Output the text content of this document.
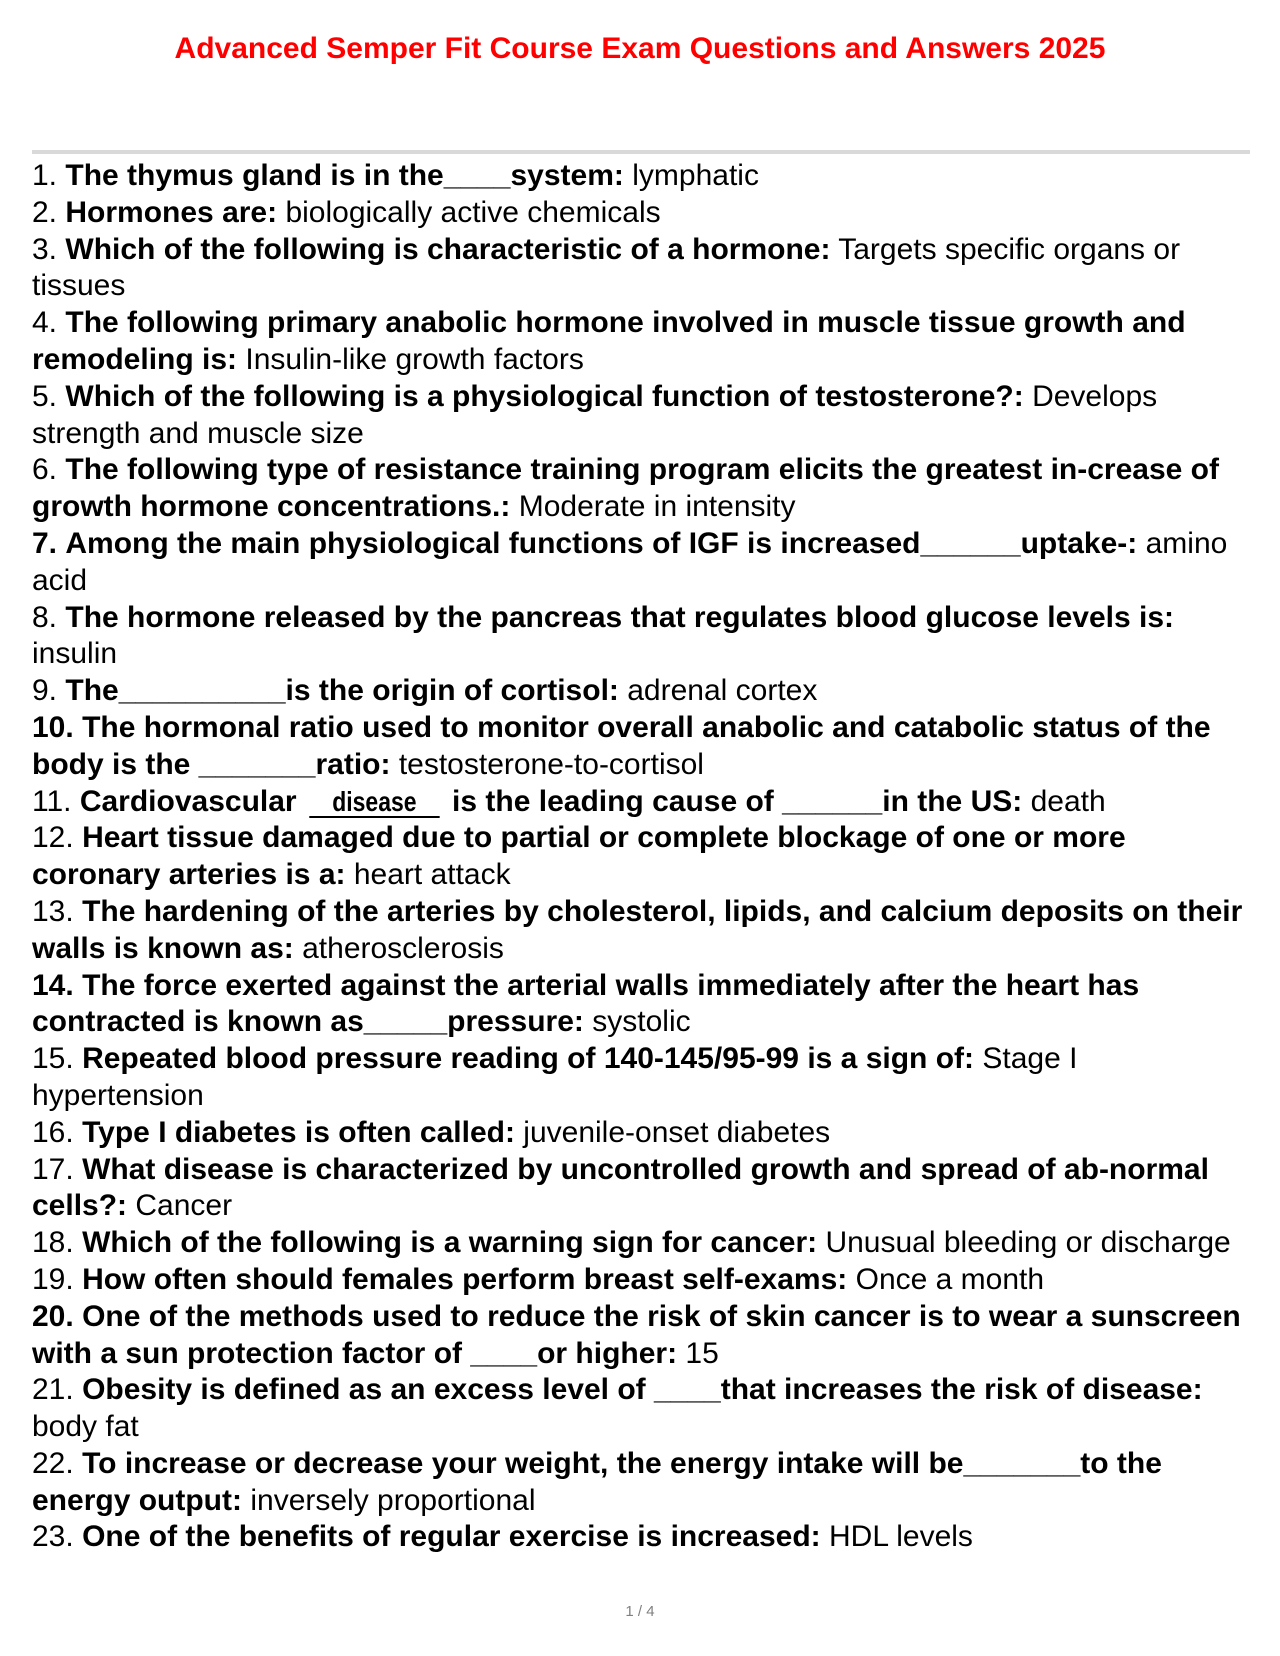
Advanced Semper Fit Course Exam Questions and Answers 2025
1. The thymus gland is in the____system: lymphatic
2. Hormones are: biologically active chemicals
3. Which of the following is characteristic of a hormone: Targets specific organs or tissues
4. The following primary anabolic hormone involved in muscle tissue growth and remodeling is: Insulin-like growth factors
5. Which of the following is a physiological function of testosterone?: Develops strength and muscle size
6. The following type of resistance training program elicits the greatest in-crease of growth hormone concentrations.: Moderate in intensity
7. Among the main physiological functions of IGF is increased______uptake-: amino acid
8. The hormone released by the pancreas that regulates blood glucose levels is: insulin
9. The__________is the origin of cortisol: adrenal cortex
10. The hormonal ratio used to monitor overall anabolic and catabolic status of the body is the _______ratio: testosterone-to-cortisol
11. Cardiovascular disease is the leading cause of ______in the US: death
12. Heart tissue damaged due to partial or complete blockage of one or more coronary arteries is a: heart attack
13. The hardening of the arteries by cholesterol, lipids, and calcium deposits on their walls is known as: atherosclerosis
14. The force exerted against the arterial walls immediately after the heart has contracted is known as_____pressure: systolic
15. Repeated blood pressure reading of 140-145/95-99 is a sign of: Stage I hypertension
16. Type I diabetes is often called: juvenile-onset diabetes
17. What disease is characterized by uncontrolled growth and spread of ab-normal cells?: Cancer
18. Which of the following is a warning sign for cancer: Unusual bleeding or discharge
19. How often should females perform breast self-exams: Once a month
20. One of the methods used to reduce the risk of skin cancer is to wear a sunscreen with a sun protection factor of ____or higher: 15
21. Obesity is defined as an excess level of ____that increases the risk of disease: body fat
22. To increase or decrease your weight, the energy intake will be_______to the energy output: inversely proportional
23. One of the benefits of regular exercise is increased: HDL levels
1 / 4
